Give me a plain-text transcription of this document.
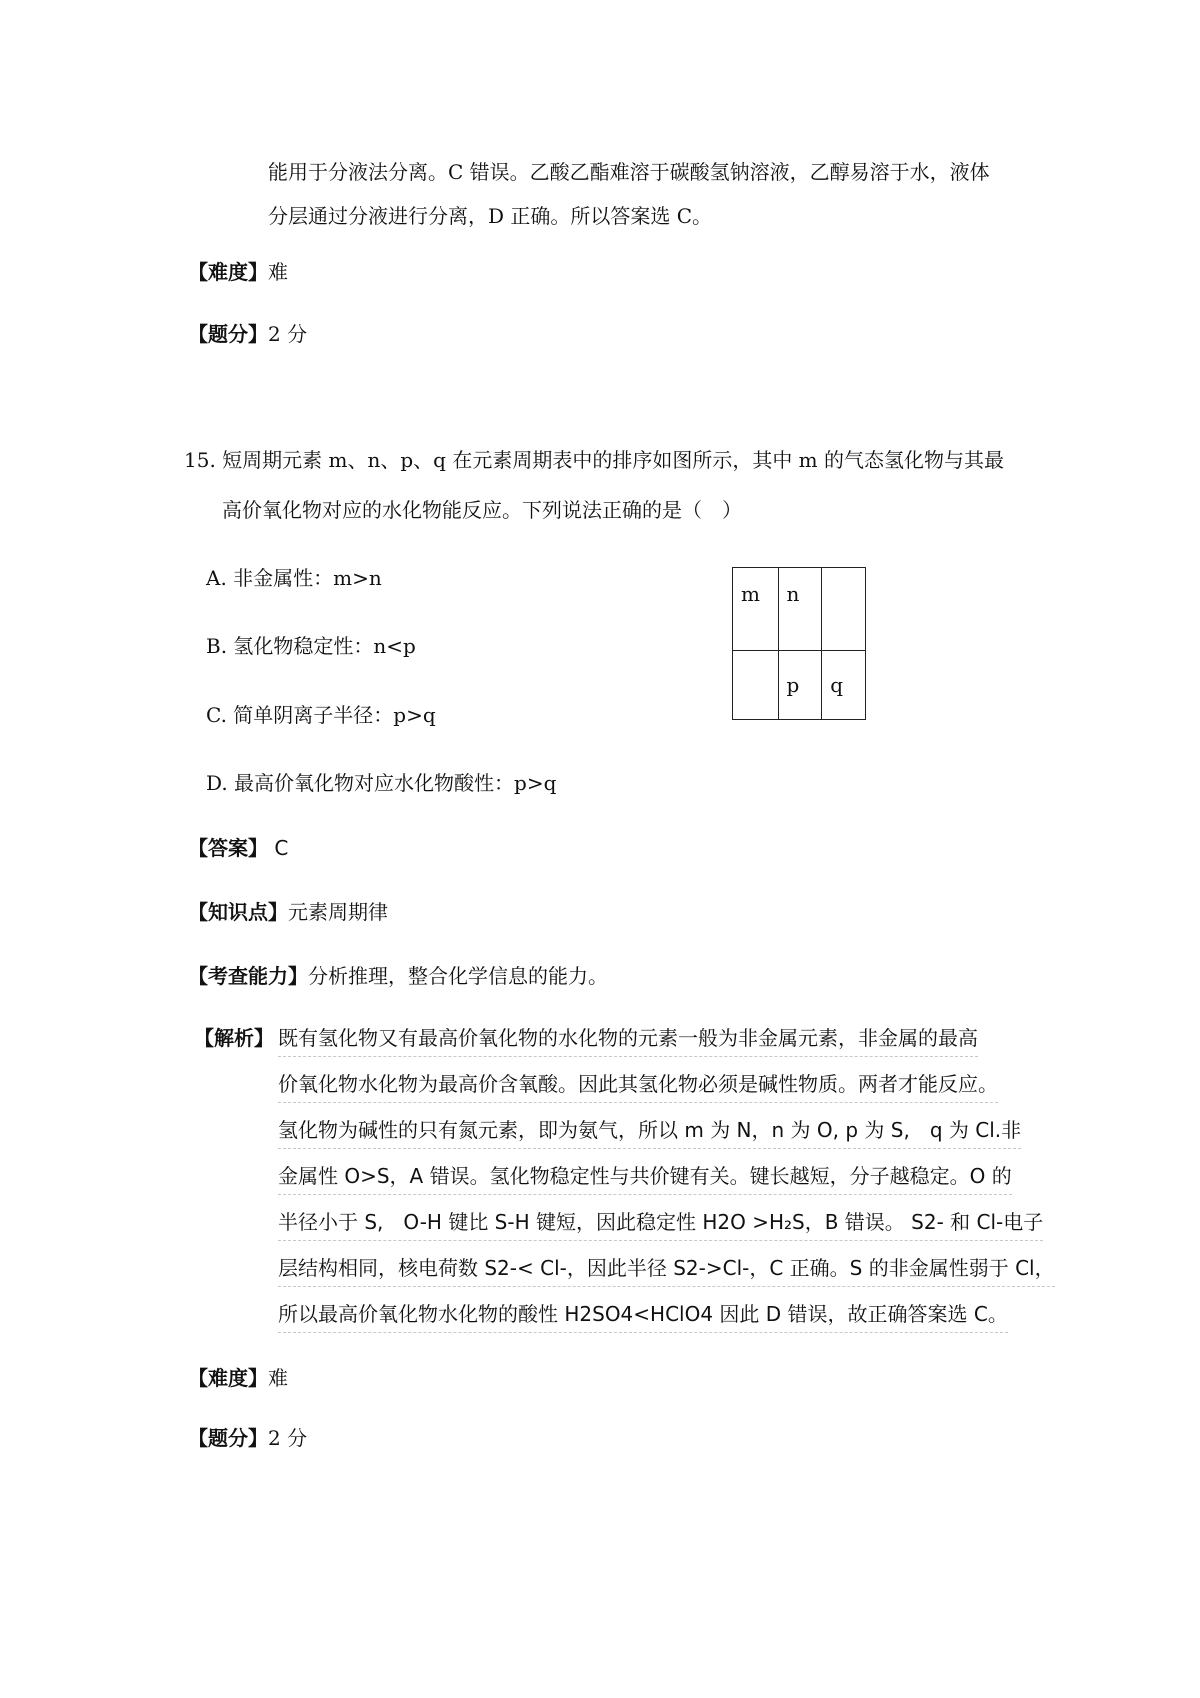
能用于分液法分离。C 错误。乙酸乙酯难溶于碳酸氢钠溶液，乙醇易溶于水，液体
分层通过分液进行分离，D 正确。所以答案选 C。
【难度】难
【题分】2 分
15. 短周期元素 m、n、p、q 在元素周期表中的排序如图所示，其中 m 的气态氢化物与其最
高价氧化物对应的水化物能反应。下列说法正确的是（　）
A. 非金属性：m>n
B. 氢化物稳定性：n<p
C. 简单阴离子半径：p>q
D. 最高价氧化物对应水化物酸性：p>q
m	n	
	p	q
【答案】 C
【知识点】元素周期律
【考查能力】分析推理，整合化学信息的能力。
【解析】 既有氢化物又有最高价氧化物的水化物的元素一般为非金属元素，非金属的最高
价氧化物水化物为最高价含氧酸。因此其氢化物必须是碱性物质。两者才能反应。
氢化物为碱性的只有氮元素，即为氨气，所以 m 为 N，n 为 O, p 为 S,　q 为 Cl.非
金属性 O>S，A 错误。氢化物稳定性与共价键有关。键长越短，分子越稳定。O 的
半径小于 S,　O-H 键比 S-H 键短，因此稳定性 H2O >H₂S，B 错误。 S2- 和 Cl-电子
层结构相同，核电荷数 S2-< Cl-，因此半径 S2->Cl-，C 正确。S 的非金属性弱于 Cl，
所以最高价氧化物水化物的酸性 H2SO4<HClO4 因此 D 错误，故正确答案选 C。
【难度】难
【题分】2 分
